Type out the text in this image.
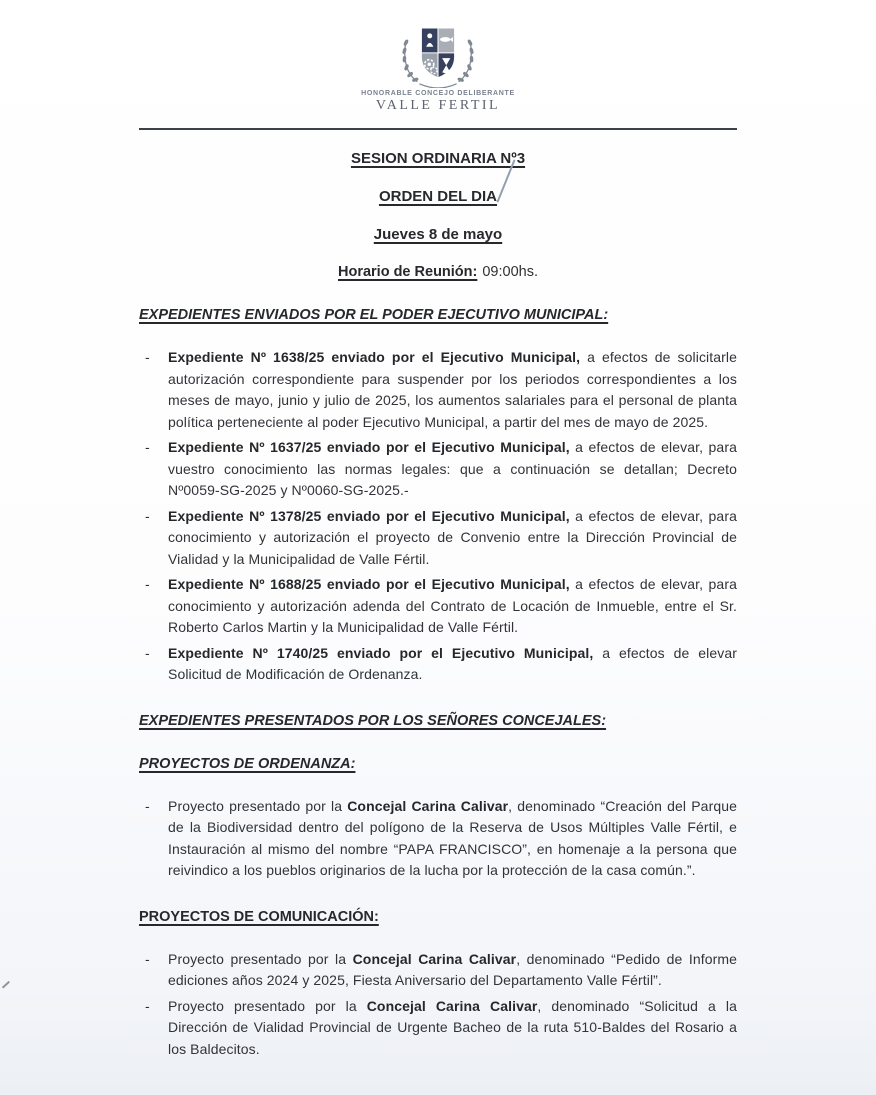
HONORABLE CONCEJO DELIBERANTE
VALLE FERTIL
SESION ORDINARIA Nº3
ORDEN DEL DIA
Jueves 8 de mayo
Horario de Reunión: 09:00hs.
EXPEDIENTES ENVIADOS POR EL PODER EJECUTIVO MUNICIPAL:

- Expediente Nº 1638/25 enviado por el Ejecutivo Municipal, a efectos de solicitarle autorización correspondiente para suspender por los periodos correspondientes a los meses de mayo, junio y julio de 2025, los aumentos salariales para el personal de planta política perteneciente al poder Ejecutivo Municipal, a partir del mes de mayo de 2025.

- Expediente Nº 1637/25 enviado por el Ejecutivo Municipal, a efectos de elevar, para vuestro conocimiento las normas legales: que a continuación se detallan; Decreto Nº0059-SG-2025 y Nº0060-SG-2025.-

- Expediente Nº 1378/25 enviado por el Ejecutivo Municipal, a efectos de elevar, para conocimiento y autorización el proyecto de Convenio entre la Dirección Provincial de Vialidad y la Municipalidad de Valle Fértil.

- Expediente Nº 1688/25 enviado por el Ejecutivo Municipal, a efectos de elevar, para conocimiento y autorización adenda del Contrato de Locación de Inmueble, entre el Sr. Roberto Carlos Martin y la Municipalidad de Valle Fértil.

- Expediente Nº 1740/25 enviado por el Ejecutivo Municipal, a efectos de elevar Solicitud de Modificación de Ordenanza.

EXPEDIENTES PRESENTADOS POR LOS SEÑORES CONCEJALES:
PROYECTOS DE ORDENANZA:

- Proyecto presentado por la Concejal Carina Calivar, denominado “Creación del Parque de la Biodiversidad dentro del polígono de la Reserva de Usos Múltiples Valle Fértil, e Instauración al mismo del nombre “PAPA FRANCISCO”, en homenaje a la persona que reivindico a los pueblos originarios de la lucha por la protección de la casa común.”.

PROYECTOS DE COMUNICACIÓN:

- Proyecto presentado por la Concejal Carina Calivar, denominado “Pedido de Informe ediciones años 2024 y 2025, Fiesta Aniversario del Departamento Valle Fértil”.

- Proyecto presentado por la Concejal Carina Calivar, denominado “Solicitud a la Dirección de Vialidad Provincial de Urgente Bacheo de la ruta 510-Baldes del Rosario a los Baldecitos.
